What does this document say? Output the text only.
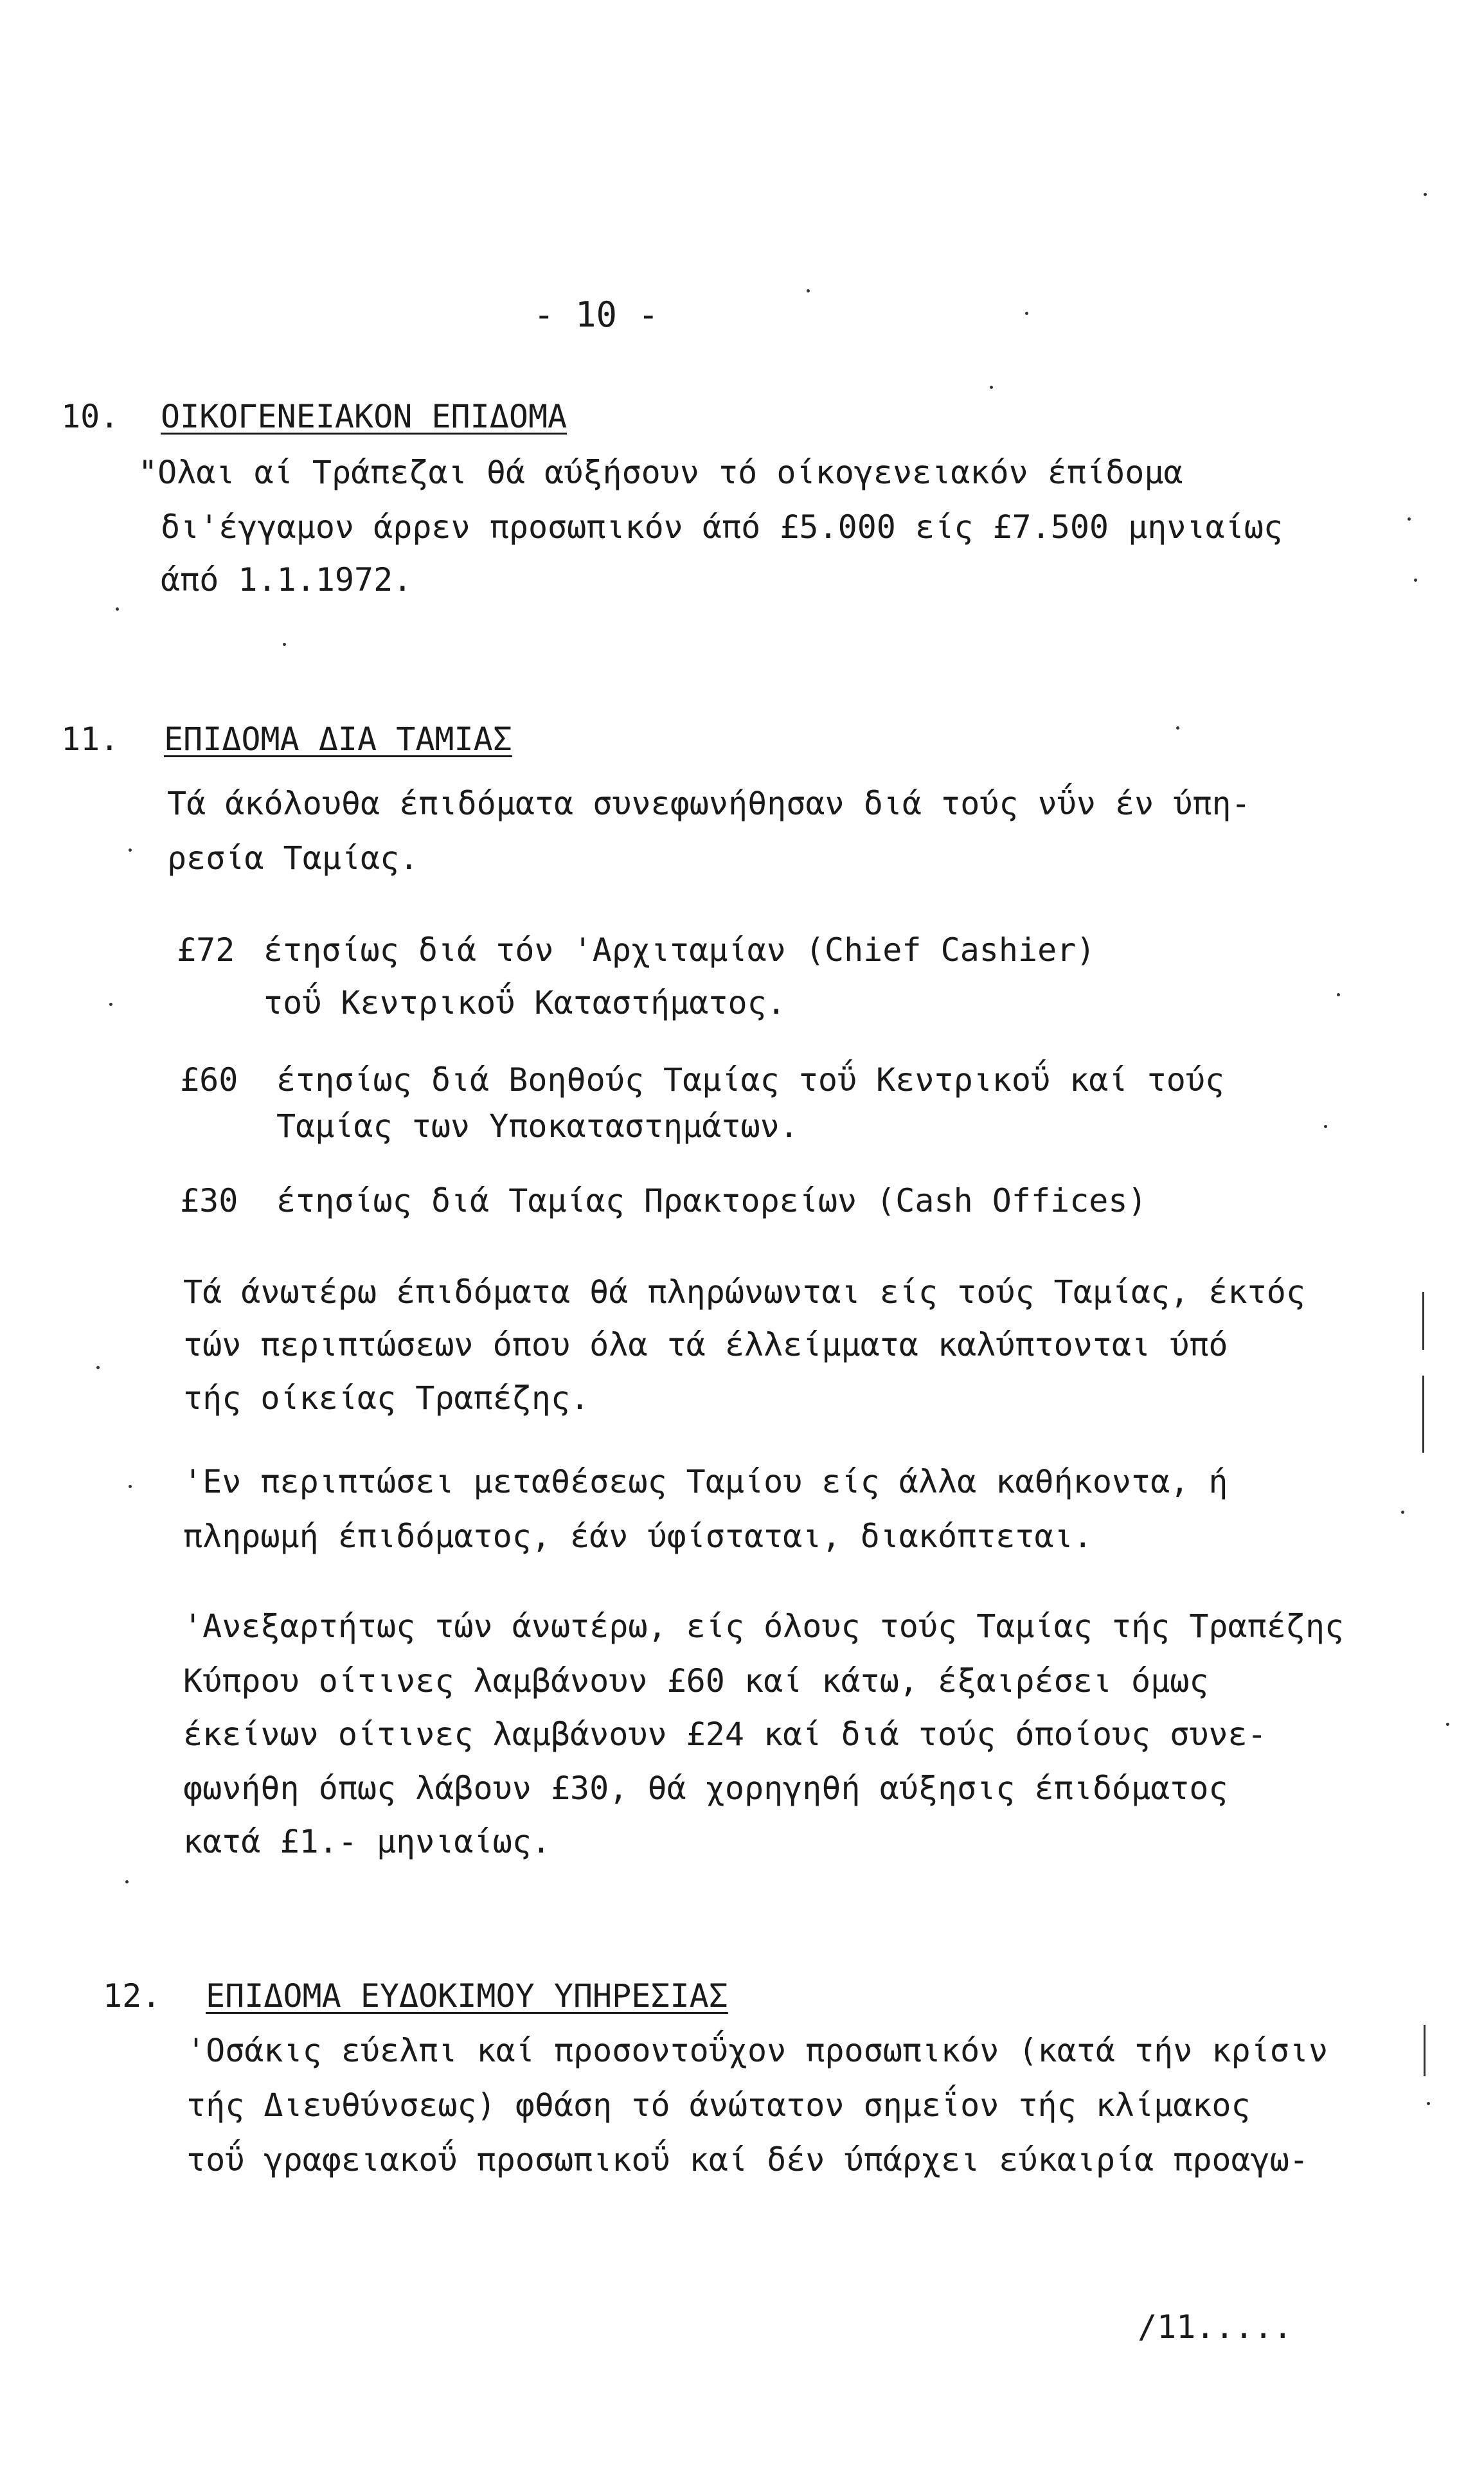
- 10 -
10. ΟΙΚΟΓΕΝΕΙΑΚΟΝ ΕΠΙΔΟΜΑ
"Ολαι αί Τράπεζαι θά αύξήσουν τό οίκογενειακόν έπίδομα
δι'έγγαμον άρρεν προσωπικόν άπό £5.000 είς £7.500 μηνιαίως
άπό 1.1.1972.
11. ΕΠΙΔΟΜΑ ΔΙΑ ΤΑΜΙΑΣ
Τά άκόλουθα έπιδόματα συνεφωνήθησαν διά τούς νΰν έν ύπη-
ρεσία Ταμίας.
£72 έτησίως διά τόν 'Αρχιταμίαν (Chief Cashier)
τοΰ Κεντρικοΰ Καταστήματος.
£60 έτησίως διά Βοηθούς Ταμίας τοΰ Κεντρικοΰ καί τούς
Ταμίας των Υποκαταστημάτων.
£30 έτησίως διά Ταμίας Πρακτορείων (Cash Offices)
Τά άνωτέρω έπιδόματα θά πληρώνωνται είς τούς Ταμίας, έκτός
τών περιπτώσεων όπου όλα τά έλλείμματα καλύπτονται ύπό
τής οίκείας Τραπέζης.
'Εν περιπτώσει μεταθέσεως Ταμίου είς άλλα καθήκοντα, ή
πληρωμή έπιδόματος, έάν ύφίσταται, διακόπτεται.
'Ανεξαρτήτως τών άνωτέρω, είς όλους τούς Ταμίας τής Τραπέζης
Κύπρου οίτινες λαμβάνουν £60 καί κάτω, έξαιρέσει όμως
έκείνων οίτινες λαμβάνουν £24 καί διά τούς όποίους συνε-
φωνήθη όπως λάβουν £30, θά χορηγηθή αύξησις έπιδόματος
κατά £1.- μηνιαίως.
12. ΕΠΙΔΟΜΑ ΕΥΔΟΚΙΜΟΥ ΥΠΗΡΕΣΙΑΣ
'Οσάκις εύελπι καί προσοντοΰχον προσωπικόν (κατά τήν κρίσιν
τής Διευθύνσεως) φθάση τό άνώτατον σημεΐον τής κλίμακος
τοΰ γραφειακοΰ προσωπικοΰ καί δέν ύπάρχει εύκαιρία προαγω-
/11.....
